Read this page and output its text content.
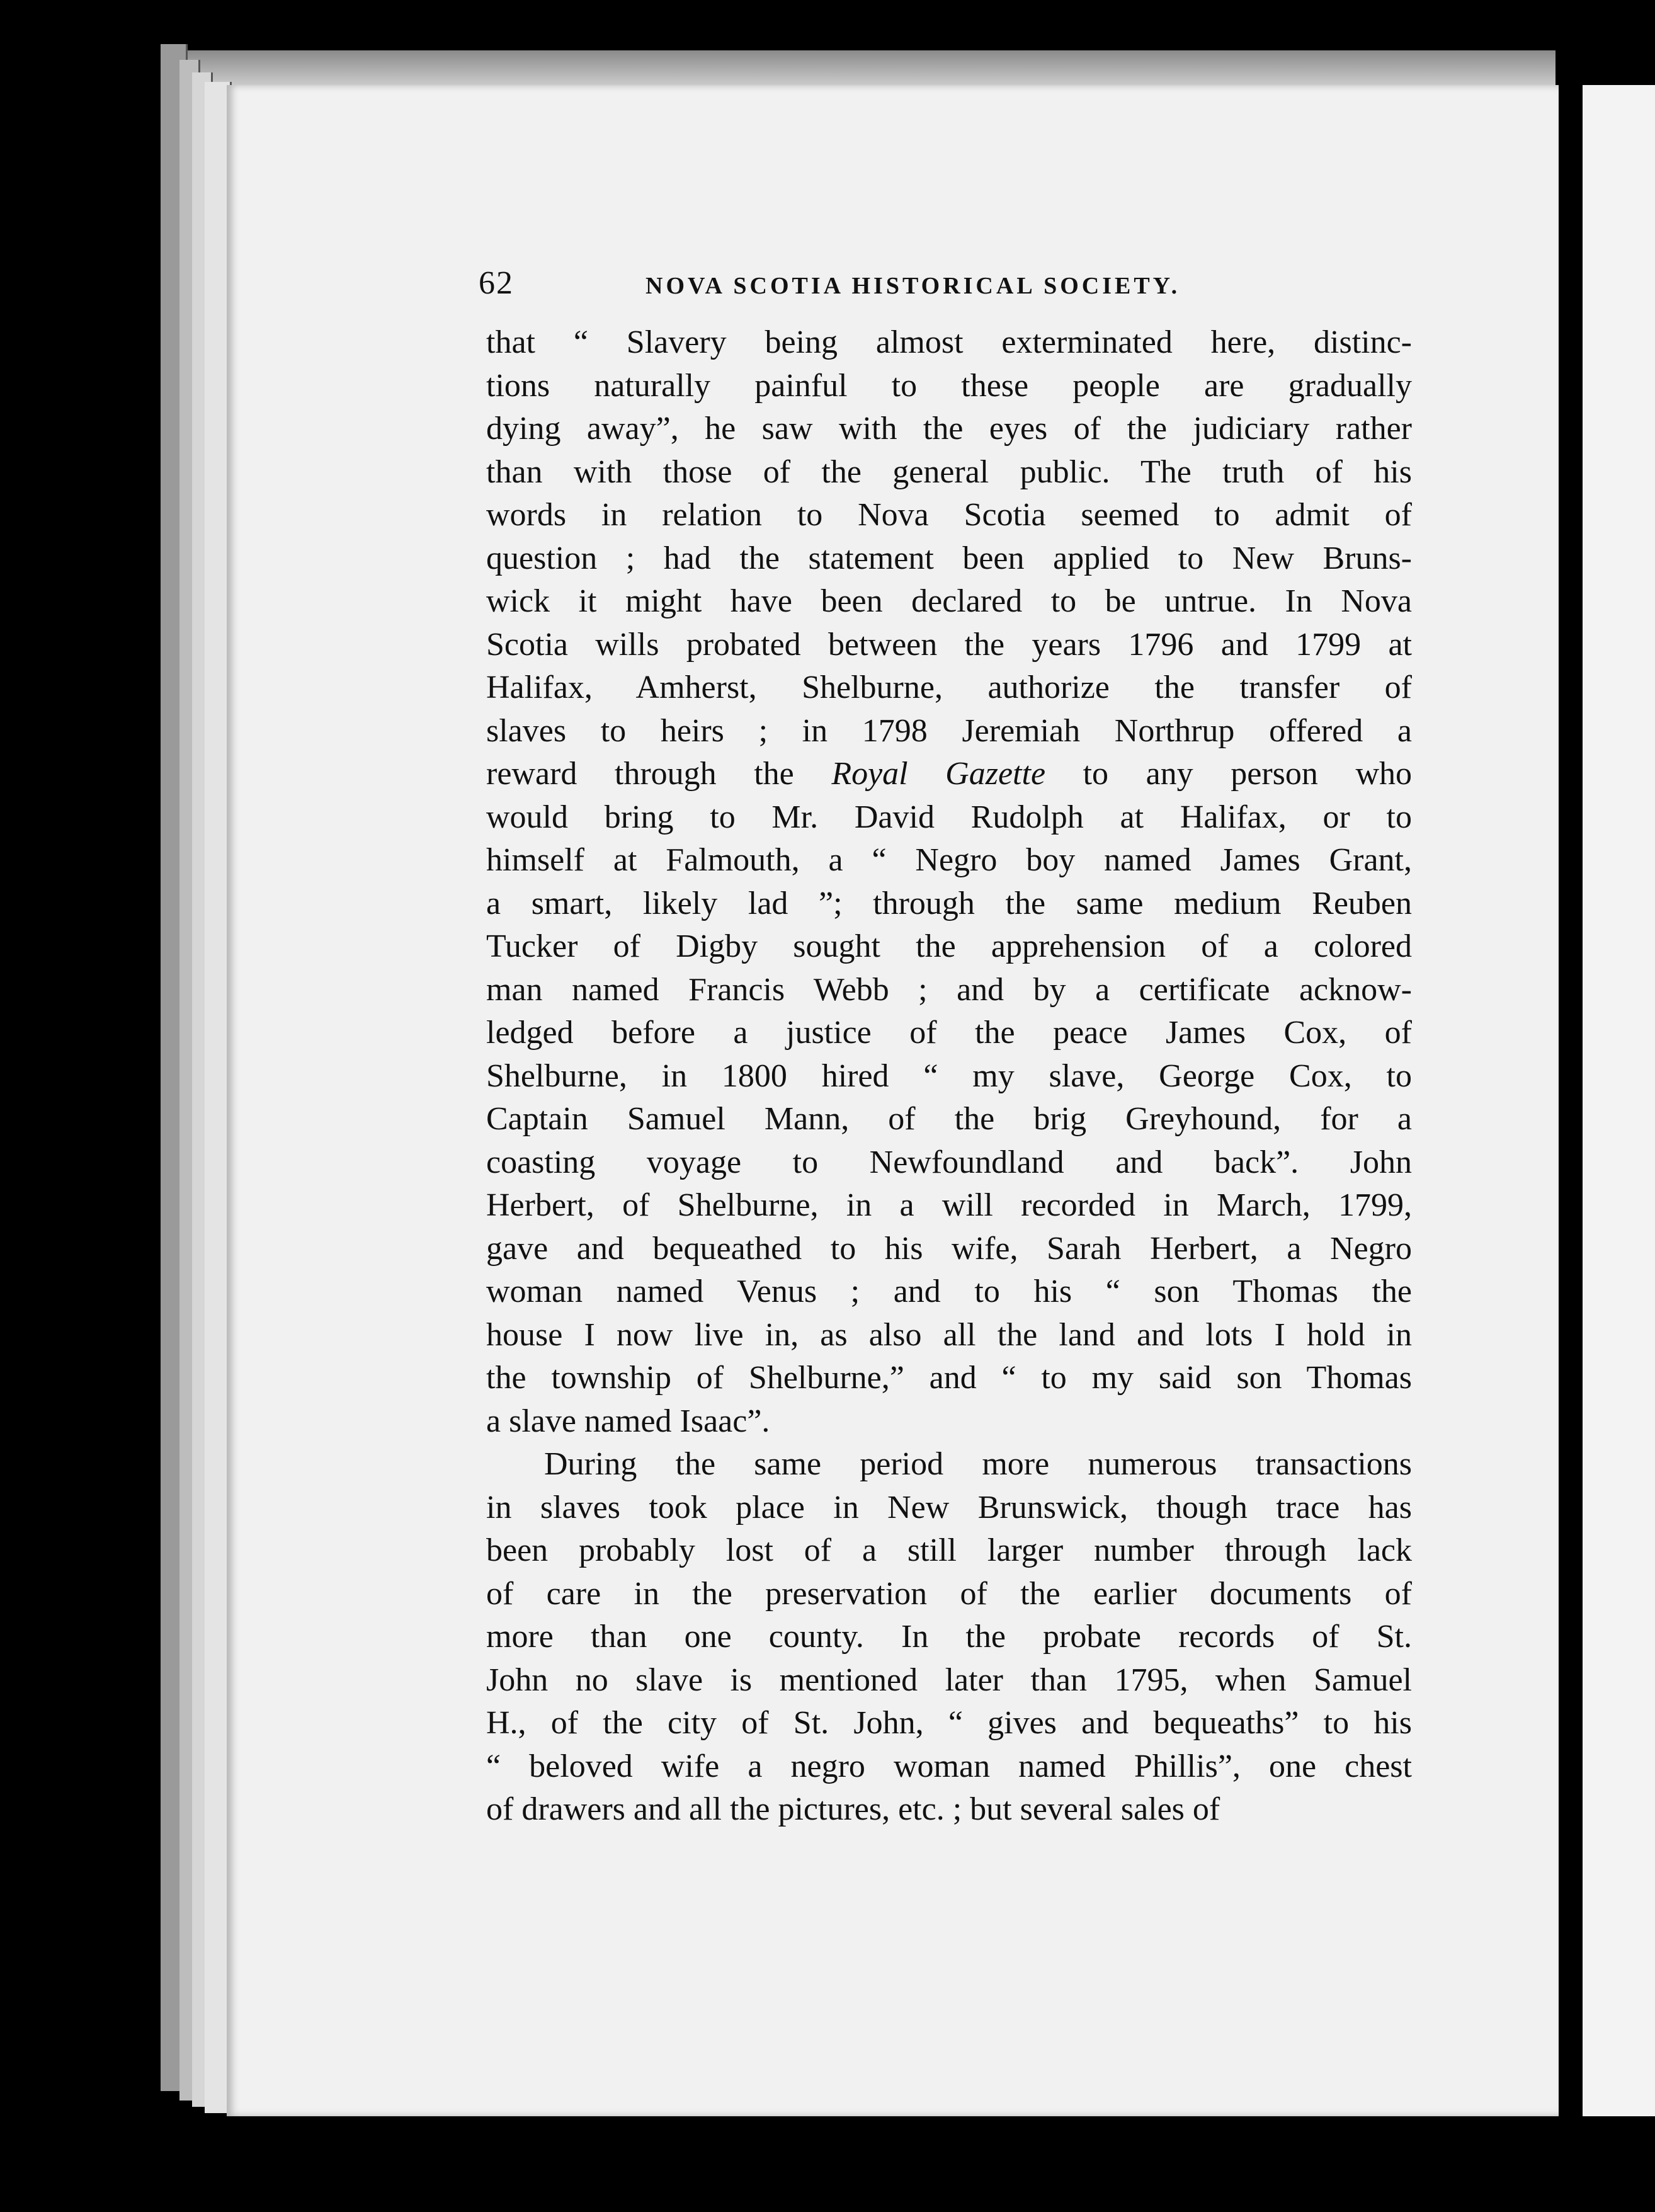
62	NOVA SCOTIA HISTORICAL SOCIETY.
that “ Slavery being almost exterminated here, distinc-
tions naturally painful to these people are gradually
dying away”, he saw with the eyes of the judiciary rather
than with those of the general public. The truth of his
words in relation to Nova Scotia seemed to admit of
question ; had the statement been applied to New Bruns-
wick it might have been declared to be untrue. In Nova
Scotia wills probated between the years 1796 and 1799 at
Halifax, Amherst, Shelburne, authorize the transfer of
slaves to heirs ; in 1798 Jeremiah Northrup offered a
reward through the Royal Gazette to any person who
would bring to Mr. David Rudolph at Halifax, or to
himself at Falmouth, a “ Negro boy named James Grant,
a smart, likely lad ”; through the same medium Reuben
Tucker of Digby sought the apprehension of a colored
man named Francis Webb ; and by a certificate acknow-
ledged before a justice of the peace James Cox, of
Shelburne, in 1800 hired “ my slave, George Cox, to
Captain Samuel Mann, of the brig Greyhound, for a
coasting voyage to Newfoundland and back”. John
Herbert, of Shelburne, in a will recorded in March, 1799,
gave and bequeathed to his wife, Sarah Herbert, a Negro
woman named Venus ; and to his “ son Thomas the
house I now live in, as also all the land and lots I hold in
the township of Shelburne,” and “ to my said son Thomas
a slave named Isaac”.
During the same period more numerous transactions
in slaves took place in New Brunswick, though trace has
been probably lost of a still larger number through lack
of care in the preservation of the earlier documents of
more than one county. In the probate records of St.
John no slave is mentioned later than 1795, when Samuel
H., of the city of St. John, “ gives and bequeaths” to his
“ beloved wife a negro woman named Phillis”, one chest
of drawers and all the pictures, etc. ; but several sales of
